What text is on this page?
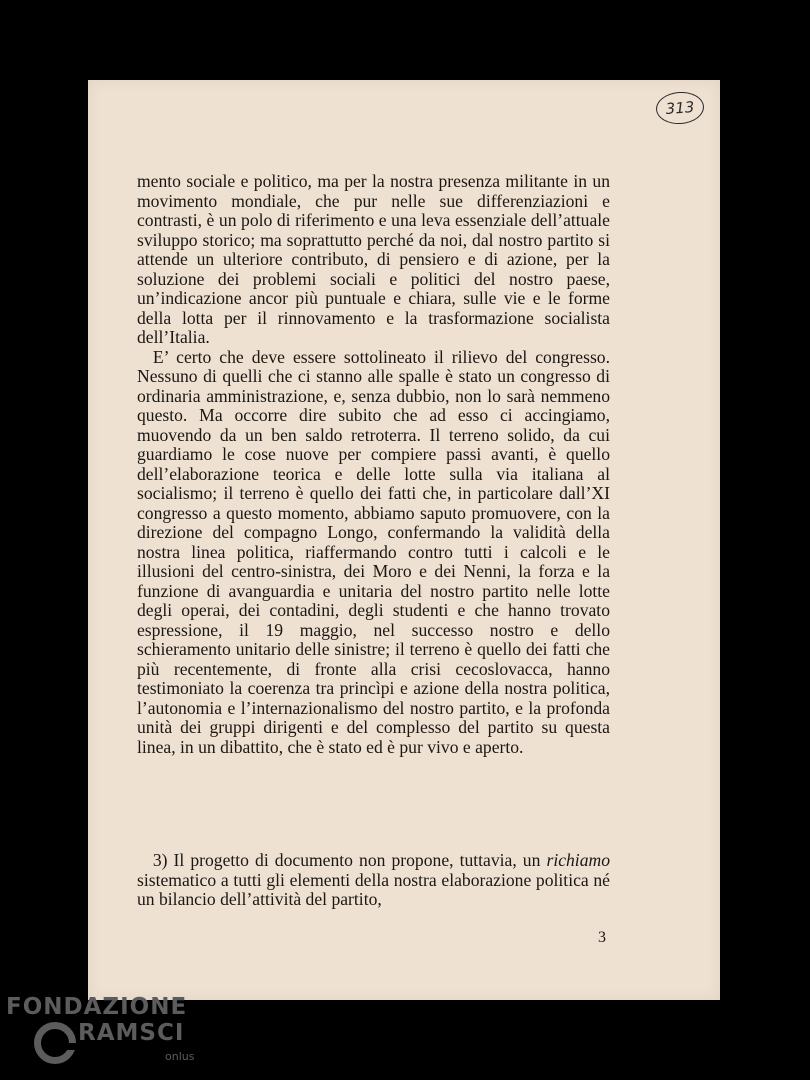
313

mento sociale e politico, ma per la nostra presenza militante in un movimento mondiale, che pur nelle sue differenziazioni e contrasti, è un polo di riferimento e una leva essenziale dell’attuale sviluppo storico; ma soprattutto perché da noi, dal nostro partito si attende un ulteriore contributo, di pensiero e di azione, per la soluzione dei problemi sociali e politici del nostro paese, un’indicazione ancor più puntuale e chiara, sulle vie e le forme della lotta per il rinnovamento e la trasformazione socialista dell’Italia.

E’ certo che deve essere sottolineato il rilievo del congresso. Nessuno di quelli che ci stanno alle spalle è stato un congresso di ordinaria amministrazione, e, senza dubbio, non lo sarà nemmeno questo. Ma occorre dire subito che ad esso ci accingiamo, muovendo da un ben saldo retroterra. Il terreno solido, da cui guardiamo le cose nuove per compiere passi avanti, è quello dell’elaborazione teorica e delle lotte sulla via italiana al socialismo; il terreno è quello dei fatti che, in particolare dall’XI congresso a questo momento, abbiamo saputo promuovere, con la direzione del compagno Longo, confermando la validità della nostra linea politica, riaffermando contro tutti i calcoli e le illusioni del centro-sinistra, dei Moro e dei Nenni, la forza e la funzione di avanguardia e unitaria del nostro partito nelle lotte degli operai, dei contadini, degli studenti e che hanno trovato espressione, il 19 maggio, nel successo nostro e dello schieramento unitario delle sinistre; il terreno è quello dei fatti che più recentemente, di fronte alla crisi cecoslovacca, hanno testimoniato la coerenza tra princìpi e azione della nostra politica, l’autonomia e l’internazionalismo del nostro partito, e la profonda unità dei gruppi dirigenti e del complesso del partito su questa linea, in un dibattito, che è stato ed è pur vivo e aperto.

3) Il progetto di documento non propone, tuttavia, un richiamo sistematico a tutti gli elementi della nostra elaborazione politica né un bilancio dell’attività del partito,

3

FONDAZIONE

RAMSCI

onlus
